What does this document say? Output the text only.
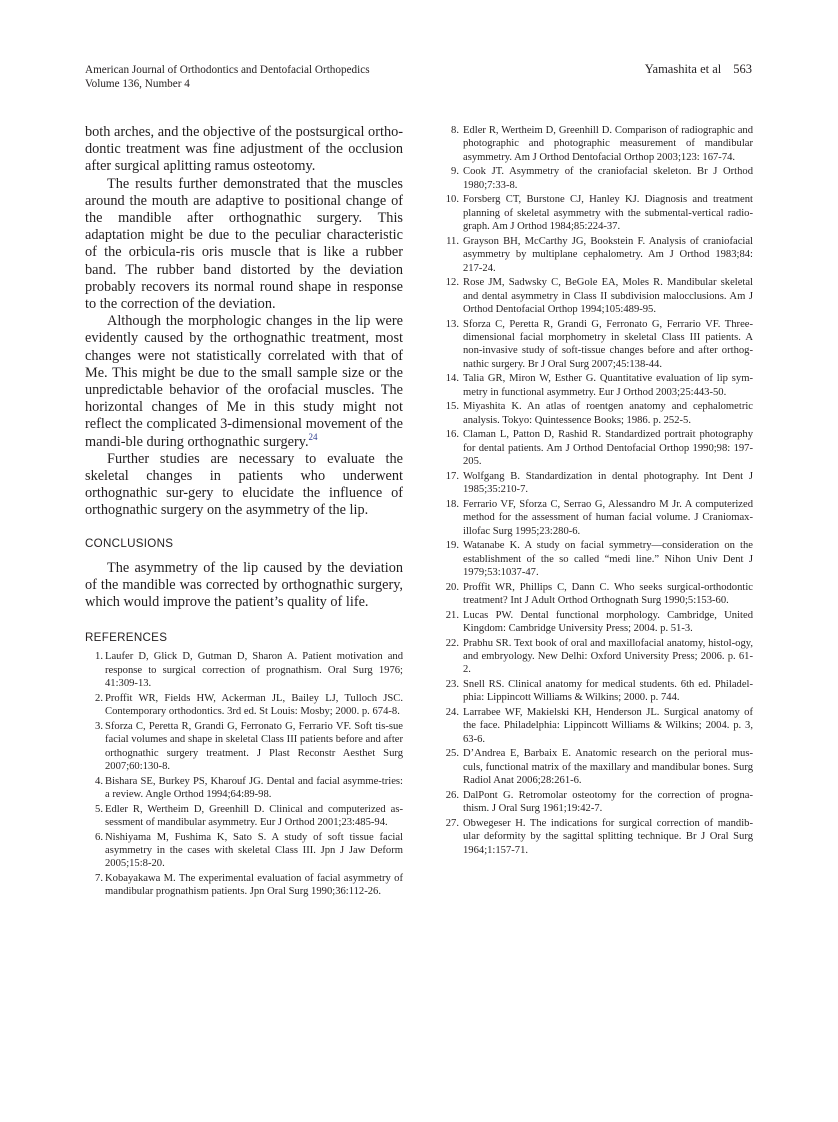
American Journal of Orthodontics and Dentofacial Orthopedics
Volume 136, Number 4
Yamashita et al 563

both arches, and the objective of the postsurgical ortho-dontic treatment was fine adjustment of the occlusion after surgical aplitting ramus osteotomy.

The results further demonstrated that the muscles around the mouth are adaptive to positional change of the mandible after orthognathic surgery. This adaptation might be due to the peculiar characteristic of the orbicula-ris oris muscle that is like a rubber band. The rubber band distorted by the deviation probably recovers its normal round shape in response to the correction of the deviation.

Although the morphologic changes in the lip were evidently caused by the orthognathic treatment, most changes were not statistically correlated with that of Me. This might be due to the small sample size or the unpredictable behavior of the orofacial muscles. The horizontal changes of Me in this study might not reflect the complicated 3-dimensional movement of the mandi-ble during orthognathic surgery.$^{24}$

Further studies are necessary to evaluate the skeletal changes in patients who underwent orthognathic sur-gery to elucidate the influence of orthognathic surgery on the asymmetry of the lip.

CONCLUSIONS

The asymmetry of the lip caused by the deviation of the mandible was corrected by orthognathic surgery, which would improve the patient’s quality of life.

REFERENCES
1. Laufer D, Glick D, Gutman D, Sharon A. Patient motivation and response to surgical correction of prognathism. Oral Surg 1976; 41:309-13.
2. Proffit WR, Fields HW, Ackerman JL, Bailey LJ, Tulloch JSC. Contemporary orthodontics. 3rd ed. St Louis: Mosby; 2000. p. 674-8.
3. Sforza C, Peretta R, Grandi G, Ferronato G, Ferrario VF. Soft tis-sue facial volumes and shape in skeletal Class III patients before and after orthognathic surgery treatment. J Plast Reconstr Aesthet Surg 2007;60:130-8.
4. Bishara SE, Burkey PS, Kharouf JG. Dental and facial asymme-tries: a review. Angle Orthod 1994;64:89-98.
5. Edler R, Wertheim D, Greenhill D. Clinical and computerized as-sessment of mandibular asymmetry. Eur J Orthod 2001;23:485-94.
6. Nishiyama M, Fushima K, Sato S. A study of soft tissue facial asymmetry in the cases with skeletal Class III. Jpn J Jaw Deform 2005;15:8-20.
7. Kobayakawa M. The experimental evaluation of facial asymmetry of mandibular prognathism patients. Jpn Oral Surg 1990;36:112-26.
8. Edler R, Wertheim D, Greenhill D. Comparison of radiographic and photographic and photographic measurement of mandibular asymmetry. Am J Orthod Dentofacial Orthop 2003;123: 167-74.
9. Cook JT. Asymmetry of the craniofacial skeleton. Br J Orthod 1980;7:33-8.
10. Forsberg CT, Burstone CJ, Hanley KJ. Diagnosis and treatment planning of skeletal asymmetry with the submental-vertical radio-graph. Am J Orthod 1984;85:224-37.
11. Grayson BH, McCarthy JG, Bookstein F. Analysis of craniofacial asymmetry by multiplane cephalometry. Am J Orthod 1983;84: 217-24.
12. Rose JM, Sadwsky C, BeGole EA, Moles R. Mandibular skeletal and dental asymmetry in Class II subdivision malocclusions. Am J Orthod Dentofacial Orthop 1994;105:489-95.
13. Sforza C, Peretta R, Grandi G, Ferronato G, Ferrario VF. Three-dimensional facial morphometry in skeletal Class III patients. A non-invasive study of soft-tissue changes before and after orthog-nathic surgery. Br J Oral Surg 2007;45:138-44.
14. Talia GR, Miron W, Esther G. Quantitative evaluation of lip sym-metry in functional asymmetry. Eur J Orthod 2003;25:443-50.
15. Miyashita K. An atlas of roentgen anatomy and cephalometric analysis. Tokyo: Quintessence Books; 1986. p. 252-5.
16. Claman L, Patton D, Rashid R. Standardized portrait photography for dental patients. Am J Orthod Dentofacial Orthop 1990;98: 197-205.
17. Wolfgang B. Standardization in dental photography. Int Dent J 1985;35:210-7.
18. Ferrario VF, Sforza C, Serrao G, Alessandro M Jr. A computerized method for the assessment of human facial volume. J Craniomax-illofac Surg 1995;23:280-6.
19. Watanabe K. A study on facial symmetry—consideration on the establishment of the so called “medi line.” Nihon Univ Dent J 1979;53:1037-47.
20. Proffit WR, Phillips C, Dann C. Who seeks surgical-orthodontic treatment? Int J Adult Orthod Orthognath Surg 1990;5:153-60.
21. Lucas PW. Dental functional morphology. Cambridge, United Kingdom: Cambridge University Press; 2004. p. 51-3.
22. Prabhu SR. Text book of oral and maxillofacial anatomy, histol-ogy, and embryology. New Delhi: Oxford University Press; 2006. p. 61-2.
23. Snell RS. Clinical anatomy for medical students. 6th ed. Philadel-phia: Lippincott Williams & Wilkins; 2000. p. 744.
24. Larrabee WF, Makielski KH, Henderson JL. Surgical anatomy of the face. Philadelphia: Lippincott Williams & Wilkins; 2004. p. 3, 63-6.
25. D’Andrea E, Barbaix E. Anatomic research on the perioral mus-culs, functional matrix of the maxillary and mandibular bones. Surg Radiol Anat 2006;28:261-6.
26. DalPont G. Retromolar osteotomy for the correction of progna-thism. J Oral Surg 1961;19:42-7.
27. Obwegeser H. The indications for surgical correction of mandib-ular deformity by the sagittal splitting technique. Br J Oral Surg 1964;1:157-71.
